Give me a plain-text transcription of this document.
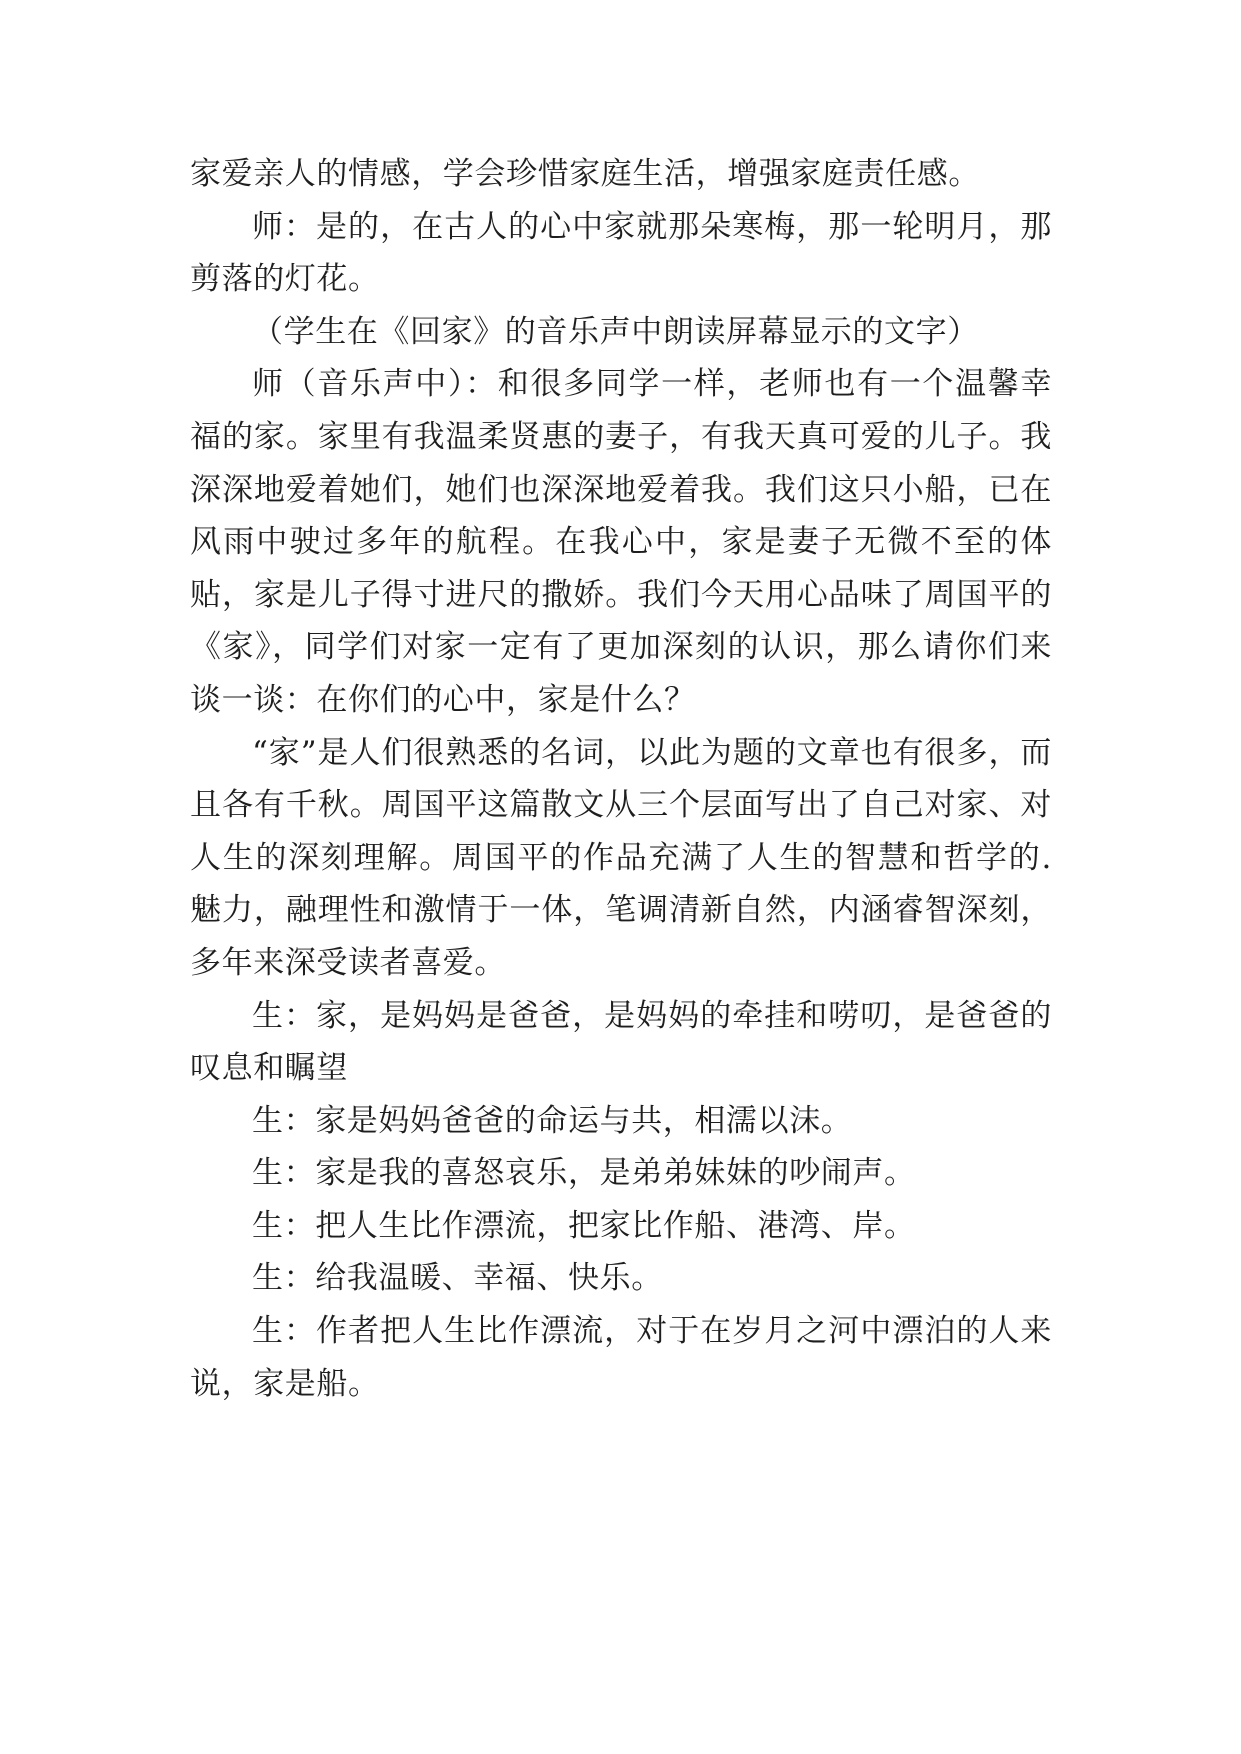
家爱亲人的情感，学会珍惜家庭生活，增强家庭责任感。

师：是的，在古人的心中家就那朵寒梅，那一轮明月，那剪落的灯花。

（学生在《回家》的音乐声中朗读屏幕显示的文字）

师（音乐声中）：和很多同学一样，老师也有一个温馨幸福的家。家里有我温柔贤惠的妻子，有我天真可爱的儿子。我深深地爱着她们，她们也深深地爱着我。我们这只小船，已在风雨中驶过多年的航程。在我心中，家是妻子无微不至的体贴，家是儿子得寸进尺的撒娇。我们今天用心品味了周国平的《家》，同学们对家一定有了更加深刻的认识，那么请你们来谈一谈：在你们的心中，家是什么？

“家”是人们很熟悉的名词，以此为题的文章也有很多，而且各有千秋。周国平这篇散文从三个层面写出了自己对家、对人生的深刻理解。周国平的作品充满了人生的智慧和哲学的.魅力，融理性和激情于一体，笔调清新自然，内涵睿智深刻，多年来深受读者喜爱。

生：家，是妈妈是爸爸，是妈妈的牵挂和唠叨，是爸爸的叹息和瞩望

生：家是妈妈爸爸的命运与共，相濡以沫。

生：家是我的喜怒哀乐，是弟弟妹妹的吵闹声。

生：把人生比作漂流，把家比作船、港湾、岸。

生：给我温暖、幸福、快乐。

生：作者把人生比作漂流，对于在岁月之河中漂泊的人来说，家是船。
